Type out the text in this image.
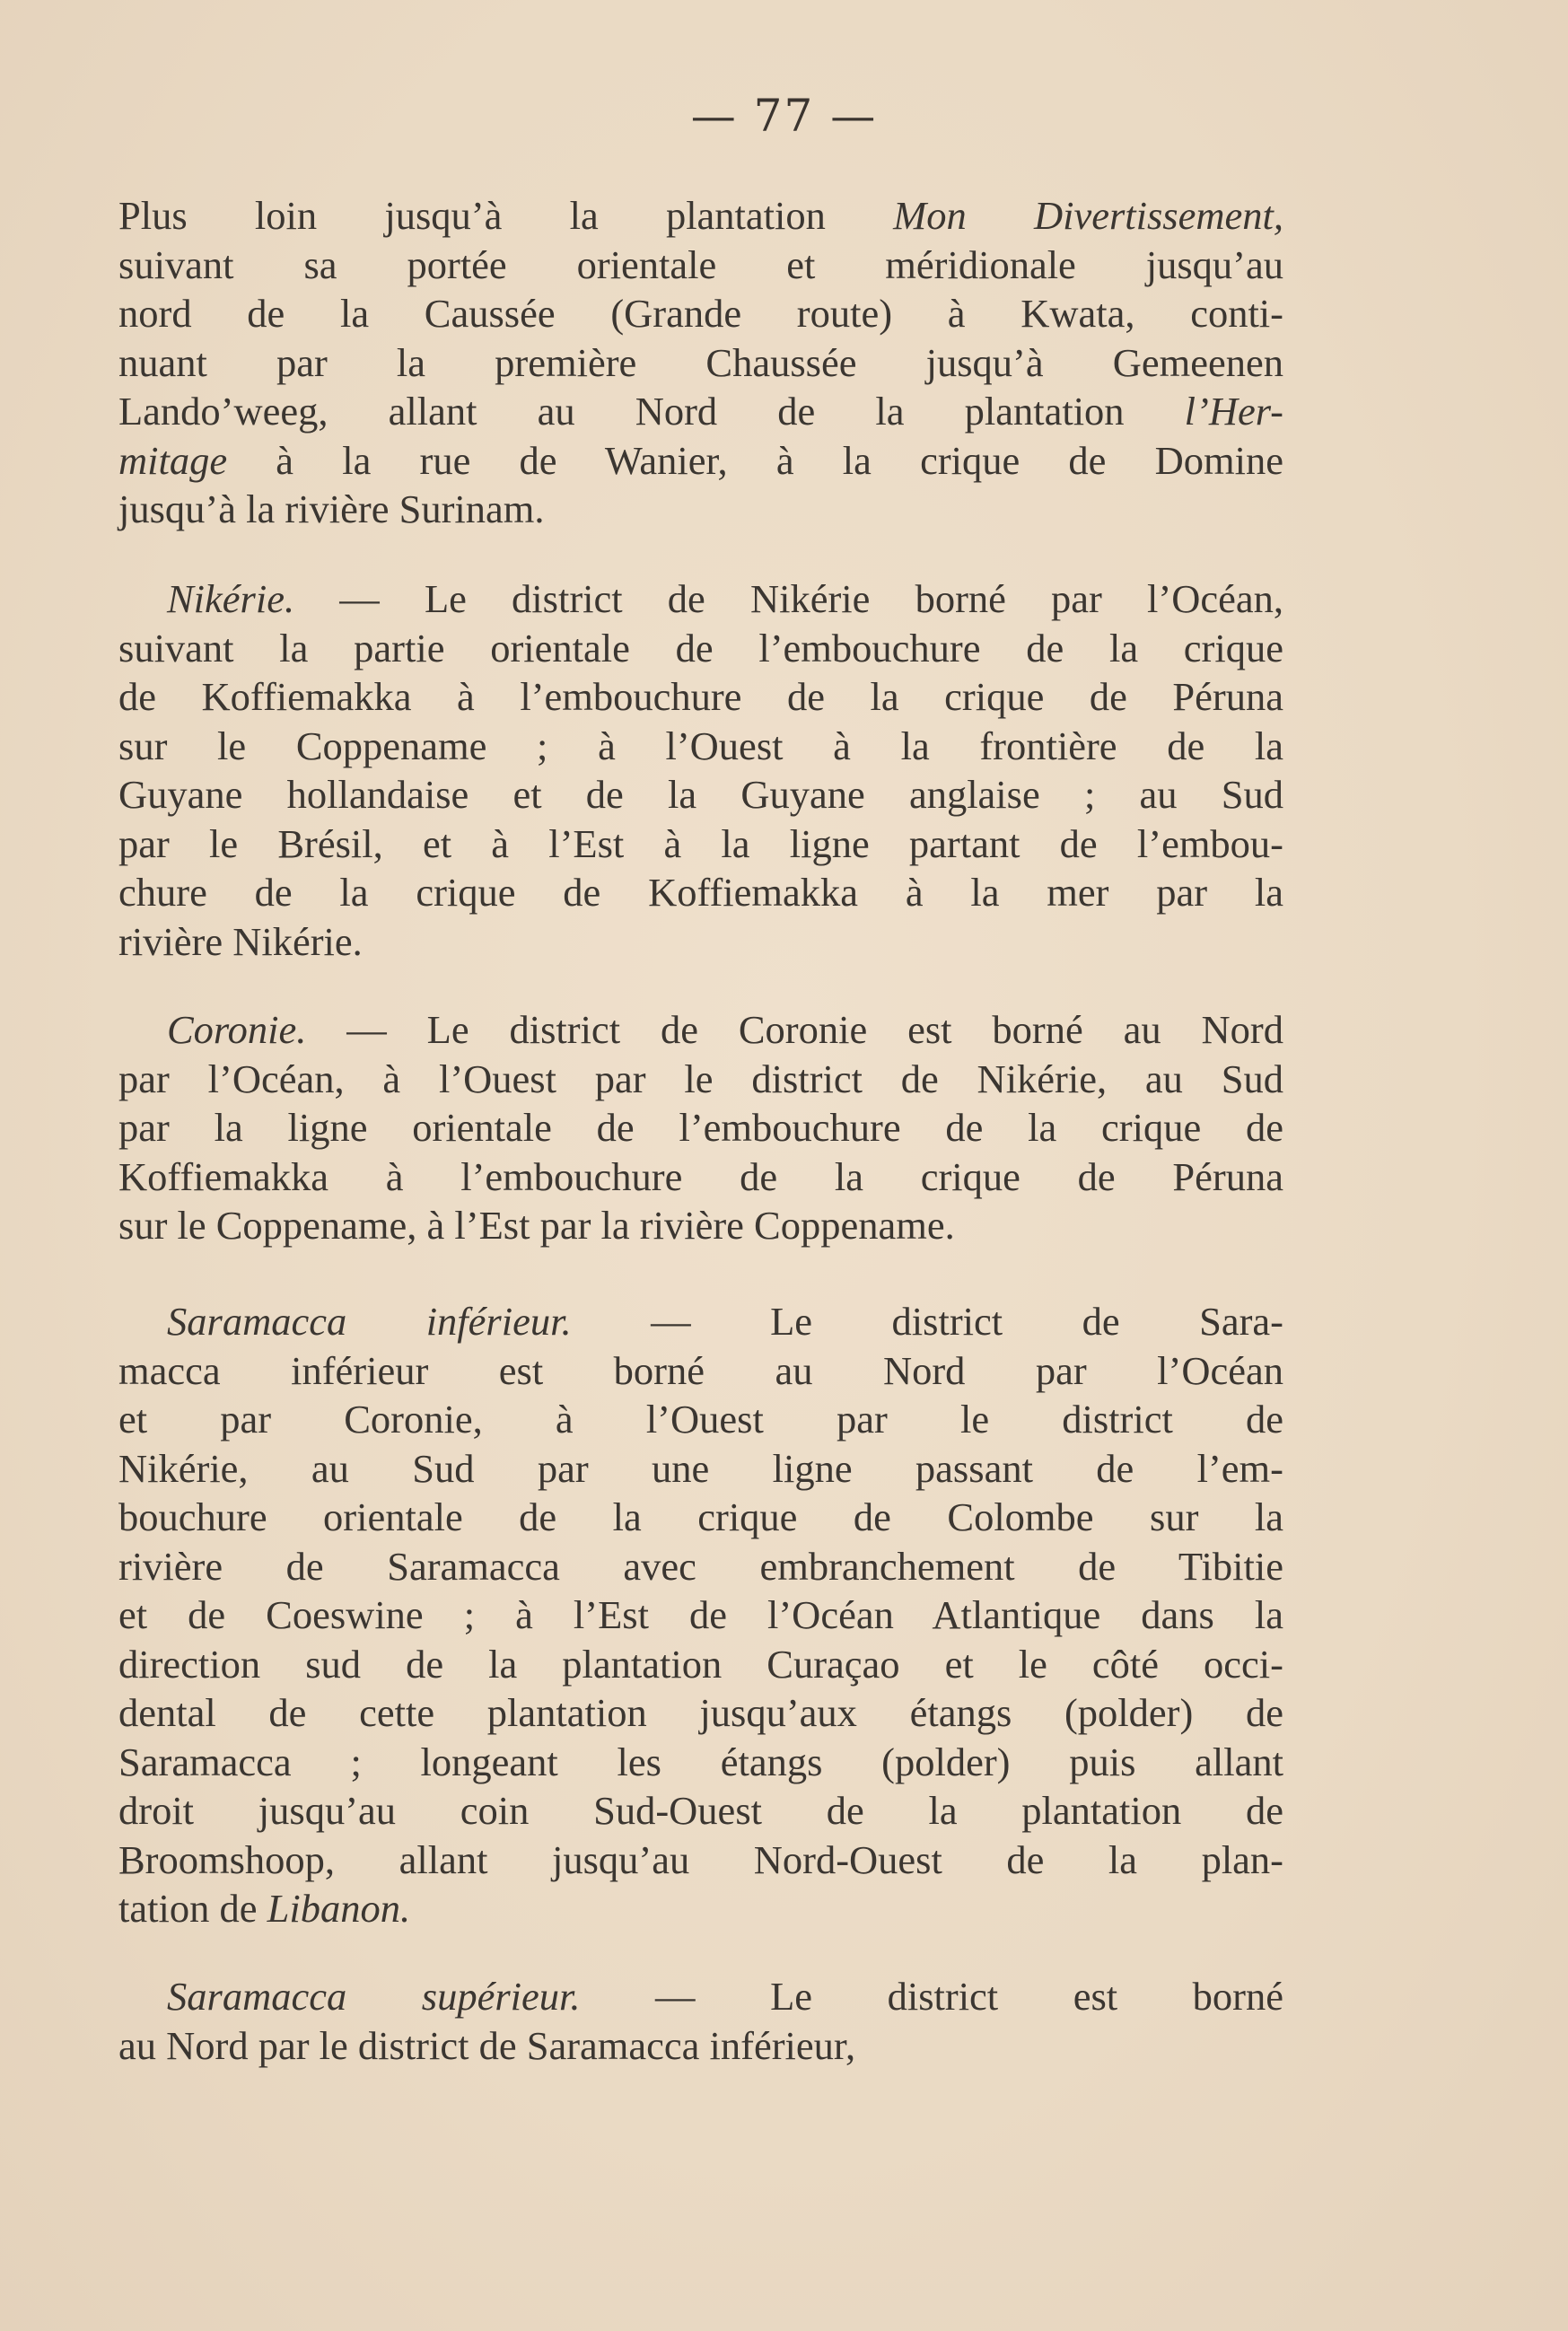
— 77 —
Plus loin jusqu’à la plantation Mon Divertissement,
suivant sa portée orientale et méridionale jusqu’au
nord de la Caussée (Grande route) à Kwata, conti-
nuant par la première Chaussée jusqu’à Gemeenen
Lando’weeg, allant au Nord de la plantation l’Her-
mitage à la rue de Wanier, à la crique de Domine
jusqu’à la rivière Surinam.
Nikérie. — Le district de Nikérie borné par l’Océan,
suivant la partie orientale de l’embouchure de la crique
de Koffiemakka à l’embouchure de la crique de Péruna
sur le Coppename ; à l’Ouest à la frontière de la
Guyane hollandaise et de la Guyane anglaise ; au Sud
par le Brésil, et à l’Est à la ligne partant de l’embou-
chure de la crique de Koffiemakka à la mer par la
rivière Nikérie.
Coronie. — Le district de Coronie est borné au Nord
par l’Océan, à l’Ouest par le district de Nikérie, au Sud
par la ligne orientale de l’embouchure de la crique de
Koffiemakka à l’embouchure de la crique de Péruna
sur le Coppename, à l’Est par la rivière Coppename.
Saramacca inférieur. — Le district de Sara-
macca inférieur est borné au Nord par l’Océan
et par Coronie, à l’Ouest par le district de
Nikérie, au Sud par une ligne passant de l’em-
bouchure orientale de la crique de Colombe sur la
rivière de Saramacca avec embranchement de Tibitie
et de Coeswine ; à l’Est de l’Océan Atlantique dans la
direction sud de la plantation Curaçao et le côté occi-
dental de cette plantation jusqu’aux étangs (polder) de
Saramacca ; longeant les étangs (polder) puis allant
droit jusqu’au coin Sud-Ouest de la plantation de
Broomshoop, allant jusqu’au Nord-Ouest de la plan-
tation de Libanon.
Saramacca supérieur. — Le district est borné
au Nord par le district de Saramacca inférieur,
